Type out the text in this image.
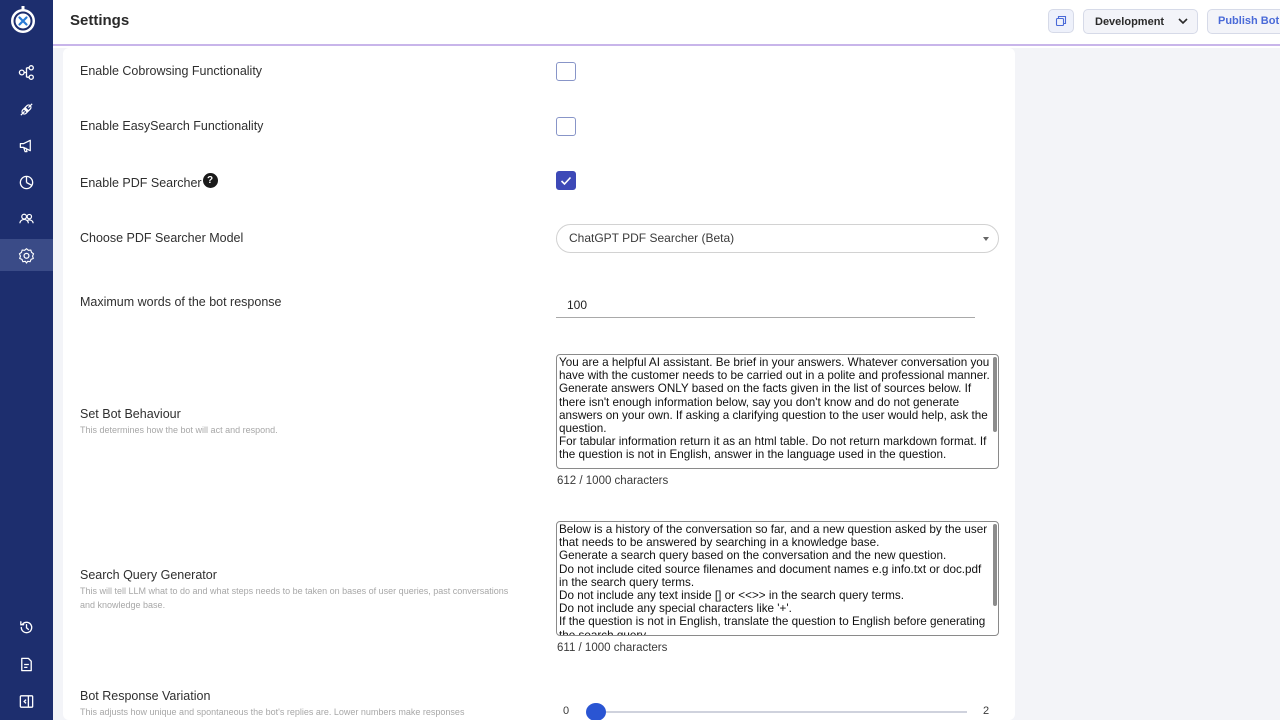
Settings	Development	Publish Bot
Enable Cobrowsing Functionality
Enable EasySearch Functionality
Enable PDF Searcher ?
Choose PDF Searcher Model	ChatGPT PDF Searcher (Beta)
Maximum words of the bot response
100
Set Bot Behaviour
This determines how the bot will act and respond.
You are a helpful AI assistant. Be brief in your answers. Whatever conversation you have with the customer needs to be carried out in a polite and professional manner. Generate answers ONLY based on the facts given in the list of sources below. If there isn't enough information below, say you don't know and do not generate answers on your own. If asking a clarifying question to the user would help, ask the question. For tabular information return it as an html table. Do not return markdown format. If the question is not in English, answer in the language used in the question.
612 / 1000 characters
Search Query Generator
This will tell LLM what to do and what steps needs to be taken on bases of user queries, past conversations and knowledge base.
Below is a history of the conversation so far, and a new question asked by the user that needs to be answered by searching in a knowledge base. Generate a search query based on the conversation and the new question. Do not include cited source filenames and document names e.g info.txt or doc.pdf in the search query terms. Do not include any text inside [] or <<>> in the search query terms. Do not include any special characters like '+'. If the question is not in English, translate the question to English before generating the search query.
611 / 1000 characters
Bot Response Variation
This adjusts how unique and spontaneous the bot's replies are. Lower numbers make responses	0	2
